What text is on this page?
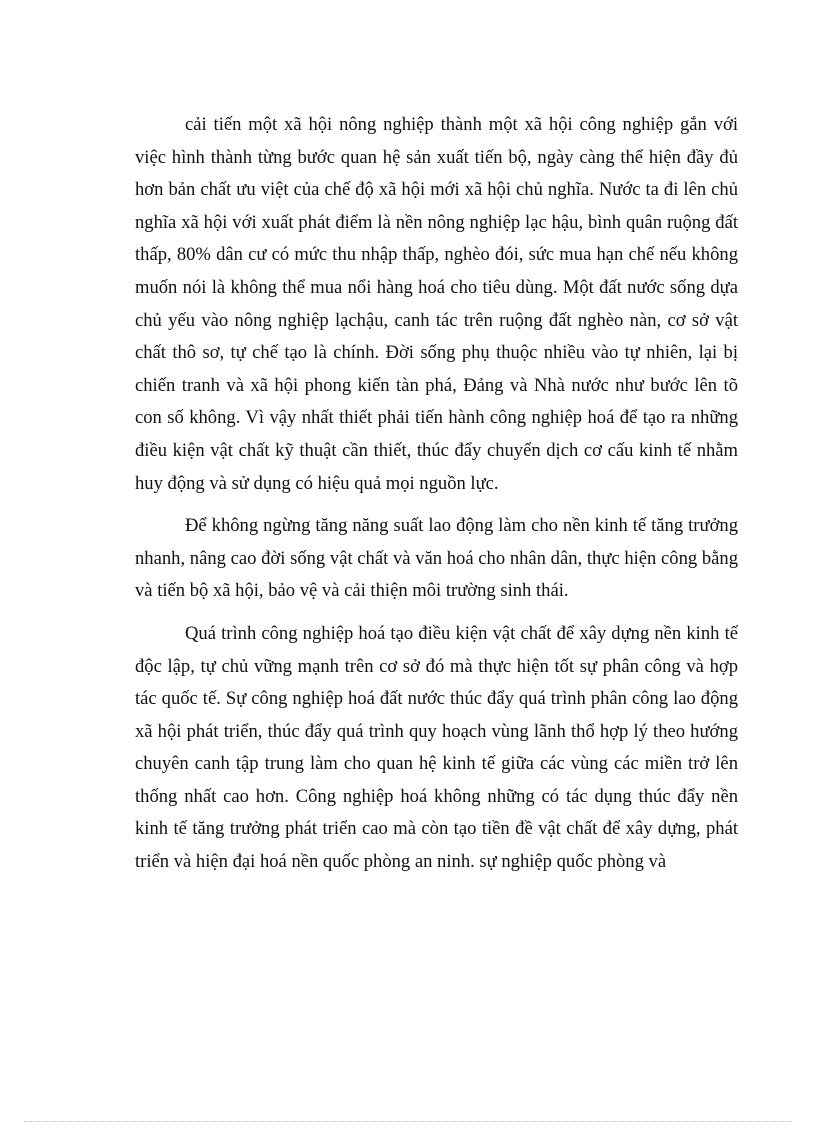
cải tiến một xã hội nông nghiệp thành một xã hội công nghiệp gắn với việc hình thành từng bước quan hệ sản xuất tiến bộ, ngày càng thể hiện đầy đủ hơn bản chất ưu việt của chế độ xã hội mới xã hội chủ nghĩa. Nước ta đi lên chủ nghĩa xã hội với xuất phát điểm là nền nông nghiệp lạc hậu, bình quân ruộng đất thấp, 80% dân cư có mức thu nhập thấp, nghèo đói, sức mua hạn chế nếu không muốn nói là không thể mua nổi hàng hoá cho tiêu dùng. Một đất nước sống dựa chủ yếu vào nông nghiệp lạchậu, canh tác trên ruộng đất nghèo nàn, cơ sở vật chất thô sơ, tự chế tạo là chính. Đời sống phụ thuộc nhiều vào tự nhiên, lại bị chiến tranh và xã hội phong kiến tàn phá, Đảng và Nhà nước như bước lên tõ con số không. Vì vậy nhất thiết phải tiến hành công nghiệp hoá để tạo ra những điều kiện vật chất kỹ thuật cần thiết, thúc đẩy chuyển dịch cơ cấu kinh tế nhằm huy động và sử dụng có hiệu quả mọi nguồn lực.

Để không ngừng tăng năng suất lao động làm cho nền kinh tế tăng trưởng nhanh, nâng cao đời sống vật chất và văn hoá cho nhân dân, thực hiện công bằng và tiến bộ xã hội, bảo vệ và cải thiện môi trường sinh thái.

Quá trình công nghiệp hoá tạo điều kiện vật chất để xây dựng nền kinh tế độc lập, tự chủ vững mạnh trên cơ sở đó mà thực hiện tốt sự phân công và hợp tác quốc tế. Sự công nghiệp hoá đất nước thúc đẩy quá trình phân công lao động xã hội phát triển, thúc đẩy quá trình quy hoạch vùng lãnh thổ hợp lý theo hướng chuyên canh tập trung làm cho quan hệ kinh tế giữa các vùng các miền trở lên thống nhất cao hơn. Công nghiệp hoá không những có tác dụng thúc đẩy nền kinh tế tăng trưởng phát triển cao mà còn tạo tiền đề vật chất để xây dựng, phát triển và hiện đại hoá nền quốc phòng an ninh. sự nghiệp quốc phòng và
